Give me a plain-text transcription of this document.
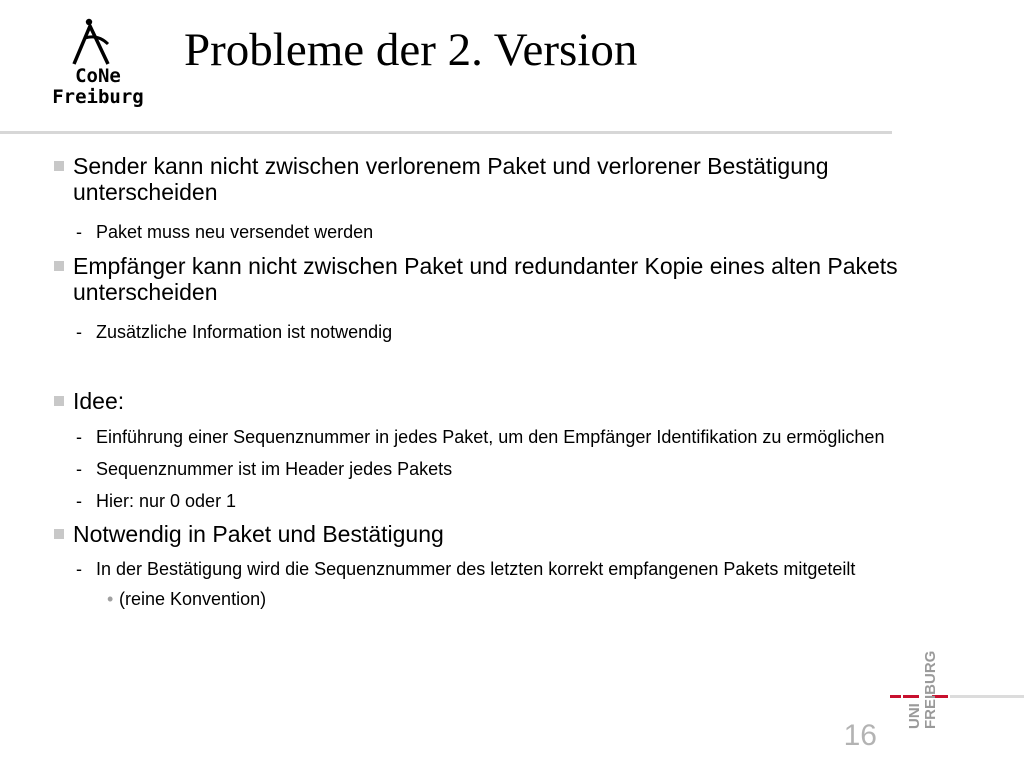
CoNe
Freiburg
Probleme der 2. Version
Sender kann nicht zwischen verlorenem Paket und verlorener Bestätigung unterscheiden
- Paket muss neu versendet werden
Empfänger kann nicht zwischen Paket und redundanter Kopie eines alten Pakets unterscheiden
- Zusätzliche Information ist notwendig
Idee:
- Einführung einer Sequenznummer in jedes Paket, um den Empfänger Identifikation zu ermöglichen
- Sequenznummer ist im Header jedes Pakets
- Hier: nur 0 oder 1
Notwendig in Paket und Bestätigung
- In der Bestätigung wird die Sequenznummer des letzten korrekt empfangenen Pakets mitgeteilt
• (reine Konvention)
UNI FREIBURG
16
